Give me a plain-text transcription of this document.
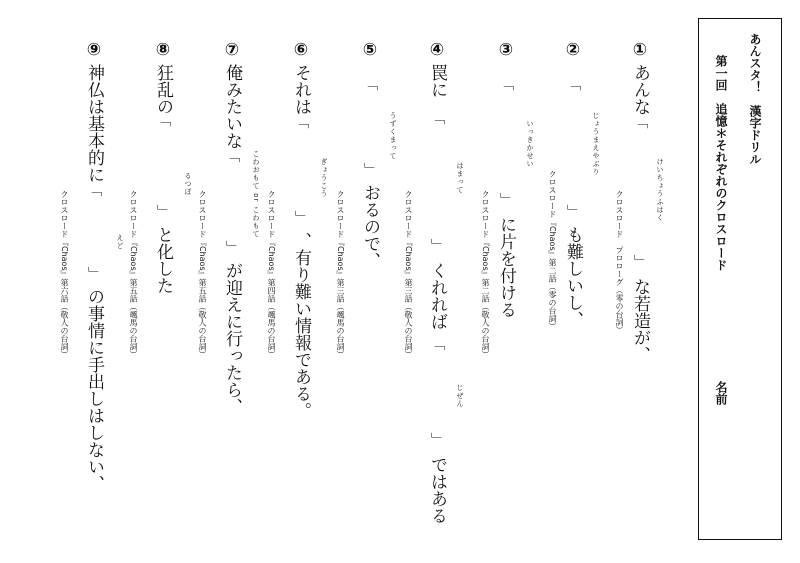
あんスタ！　漢字ドリル
第一回　追憶＊それぞれのクロスロード
名前
①
あんな
﹁
けいちょうふはく
﹂
な若造が、
クロスロード　プロローグ（零の台詞）
②
﹁
じょうまえやぶり
﹂
も難しいし、
クロスロード『Chaos』第二話（零の台詞）
③
﹁
いっきかせい
﹂
に片を付ける
クロスロード『Chaos』第二話（敬人の台詞）
④
罠に
﹁
はまって
﹂
くれれば
﹁
じぜん
﹂
ではある
クロスロード『Chaos』第三話（敬人の台詞）
⑤
﹁
うずくまって
﹂
おるので、
クロスロード『Chaos』第三話（颯馬の台詞）
⑥
それは
﹁
ぎょうこう
﹂
、有り難い情報である。
クロスロード『Chaos』第四話（颯馬の台詞）
⑦
俺みたいな
﹁ こわおもて or こわもて
﹂
が迎えに行ったら、
クロスロード『Chaos』第五話（敬人の台詞）
⑧
狂乱の
﹁
るつぼ
﹂
と化した
クロスロード『Chaos』第五話（颯馬の台詞）
⑨
神仏は基本的に
﹁
えど
﹂
の事情に手出しはしない、
クロスロード『Chaos』第六話（敬人の台詞）
